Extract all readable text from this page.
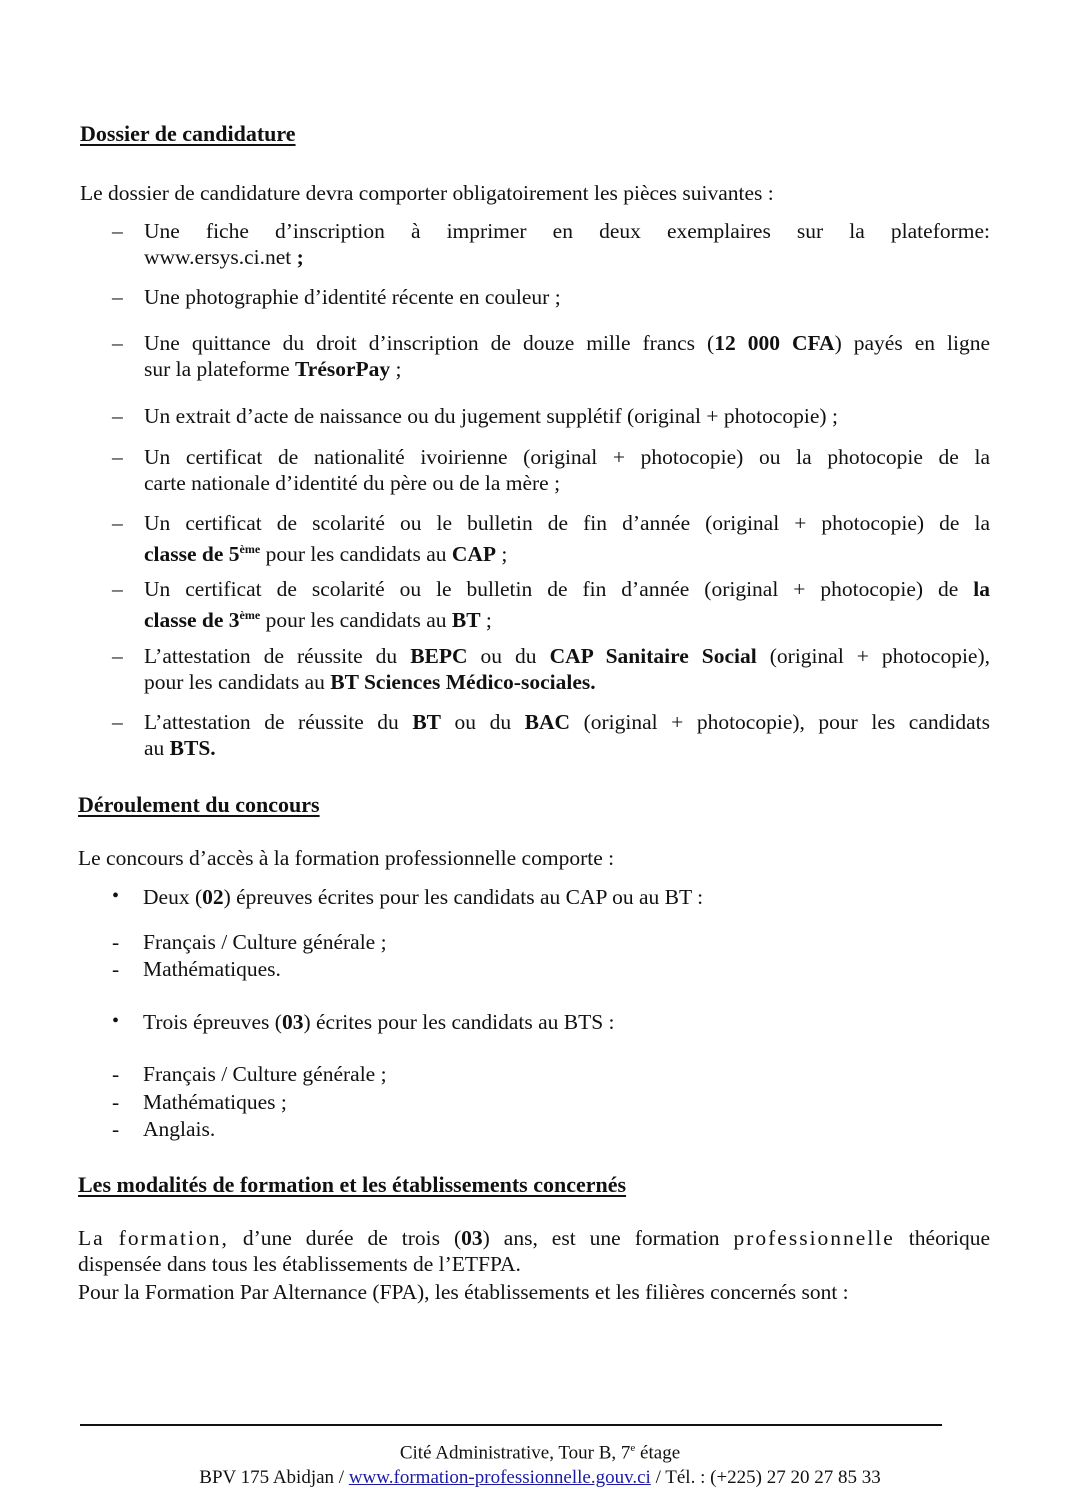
Dossier de candidature
Le dossier de candidature devra comporter obligatoirement les pièces suivantes :
– Une fiche d’inscription à imprimer en deux exemplaires sur la plateforme:
www.ersys.ci.net ;
– Une photographie d’identité récente en couleur ;
– Une quittance du droit d’inscription de douze mille francs (12 000 CFA) payés en ligne
sur la plateforme TrésorPay ;
– Un extrait d’acte de naissance ou du jugement supplétif (original + photocopie) ;
– Un certificat de nationalité ivoirienne (original + photocopie) ou la photocopie de la
carte nationale d’identité du père ou de la mère ;
– Un certificat de scolarité ou le bulletin de fin d’année (original + photocopie) de la
classe de 5ème pour les candidats au CAP ;
– Un certificat de scolarité ou le bulletin de fin d’année (original + photocopie) de la
classe de 3ème pour les candidats au BT ;
– L’attestation de réussite du BEPC ou du CAP Sanitaire Social (original + photocopie),
pour les candidats au BT Sciences Médico-sociales.
– L’attestation de réussite du BT ou du BAC (original + photocopie), pour les candidats
au BTS.
Déroulement du concours
Le concours d’accès à la formation professionnelle comporte :
• Deux (02) épreuves écrites pour les candidats au CAP ou au BT :
- Français / Culture générale ;
- Mathématiques.
• Trois épreuves (03) écrites pour les candidats au BTS :
- Français / Culture générale ;
- Mathématiques ;
- Anglais.
Les modalités de formation et les établissements concernés
La formation, d’une durée de trois (03) ans, est une formation professionnelle théorique
dispensée dans tous les établissements de l’ETFPA.
Pour la Formation Par Alternance (FPA), les établissements et les filières concernés sont :
Cité Administrative, Tour B, 7e étage
BPV 175 Abidjan / www.formation-professionnelle.gouv.ci / Tél. : (+225) 27 20 27 85 33
